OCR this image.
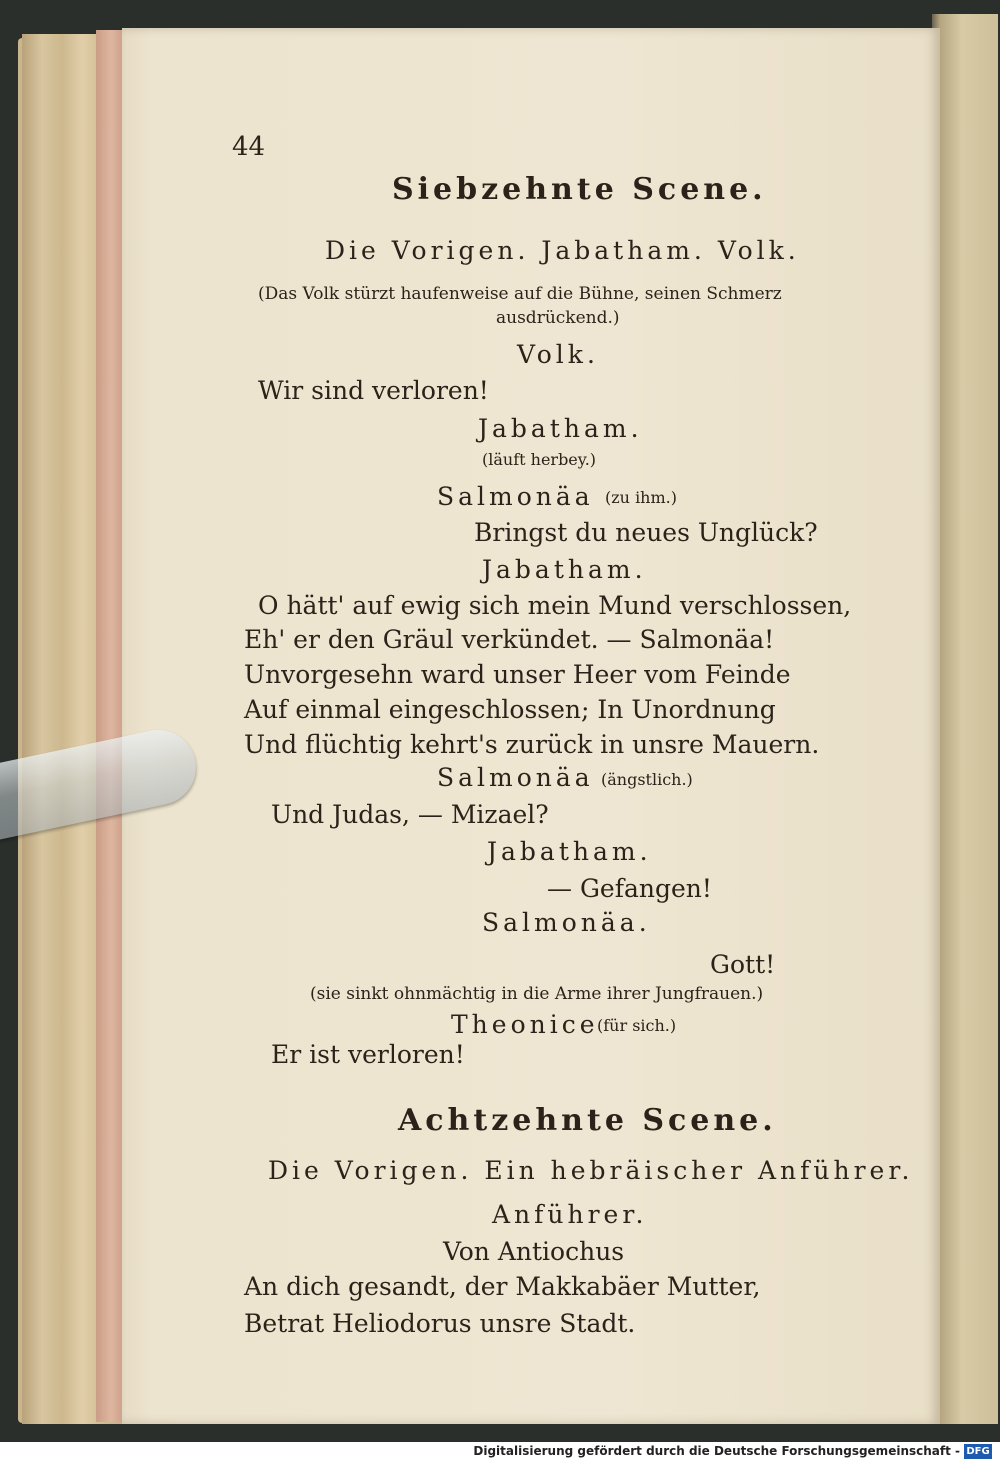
44
Siebzehnte Scene.
Die Vorigen. Jabatham. Volk.
(Das Volk stürzt haufenweise auf die Bühne, seinen Schmerz
ausdrückend.)
Volk.
Wir sind verloren!
Jabatham.
(läuft herbey.)
Salmonäa (zu ihm.)
Bringst du neues Unglück?
Jabatham.
O hätt' auf ewig sich mein Mund verschlossen,
Eh' er den Gräul verkündet. — Salmonäa!
Unvorgesehn ward unser Heer vom Feinde
Auf einmal eingeschlossen; In Unordnung
Und flüchtig kehrt's zurück in unsre Mauern.
Salmonäa (ängstlich.)
Und Judas, — Mizael?
Jabatham.
— Gefangen!
Salmonäa.
Gott!
(sie sinkt ohnmächtig in die Arme ihrer Jungfrauen.)
Theonice
(für sich.)
Er ist verloren!
Achtzehnte Scene.
Die Vorigen. Ein hebräischer Anführer.
Anführer.
Von Antiochus
An dich gesandt, der Makkabäer Mutter,
Betrat Heliodorus unsre Stadt.
Digitalisierung gefördert durch die Deutsche Forschungsgemeinschaft - DFG
